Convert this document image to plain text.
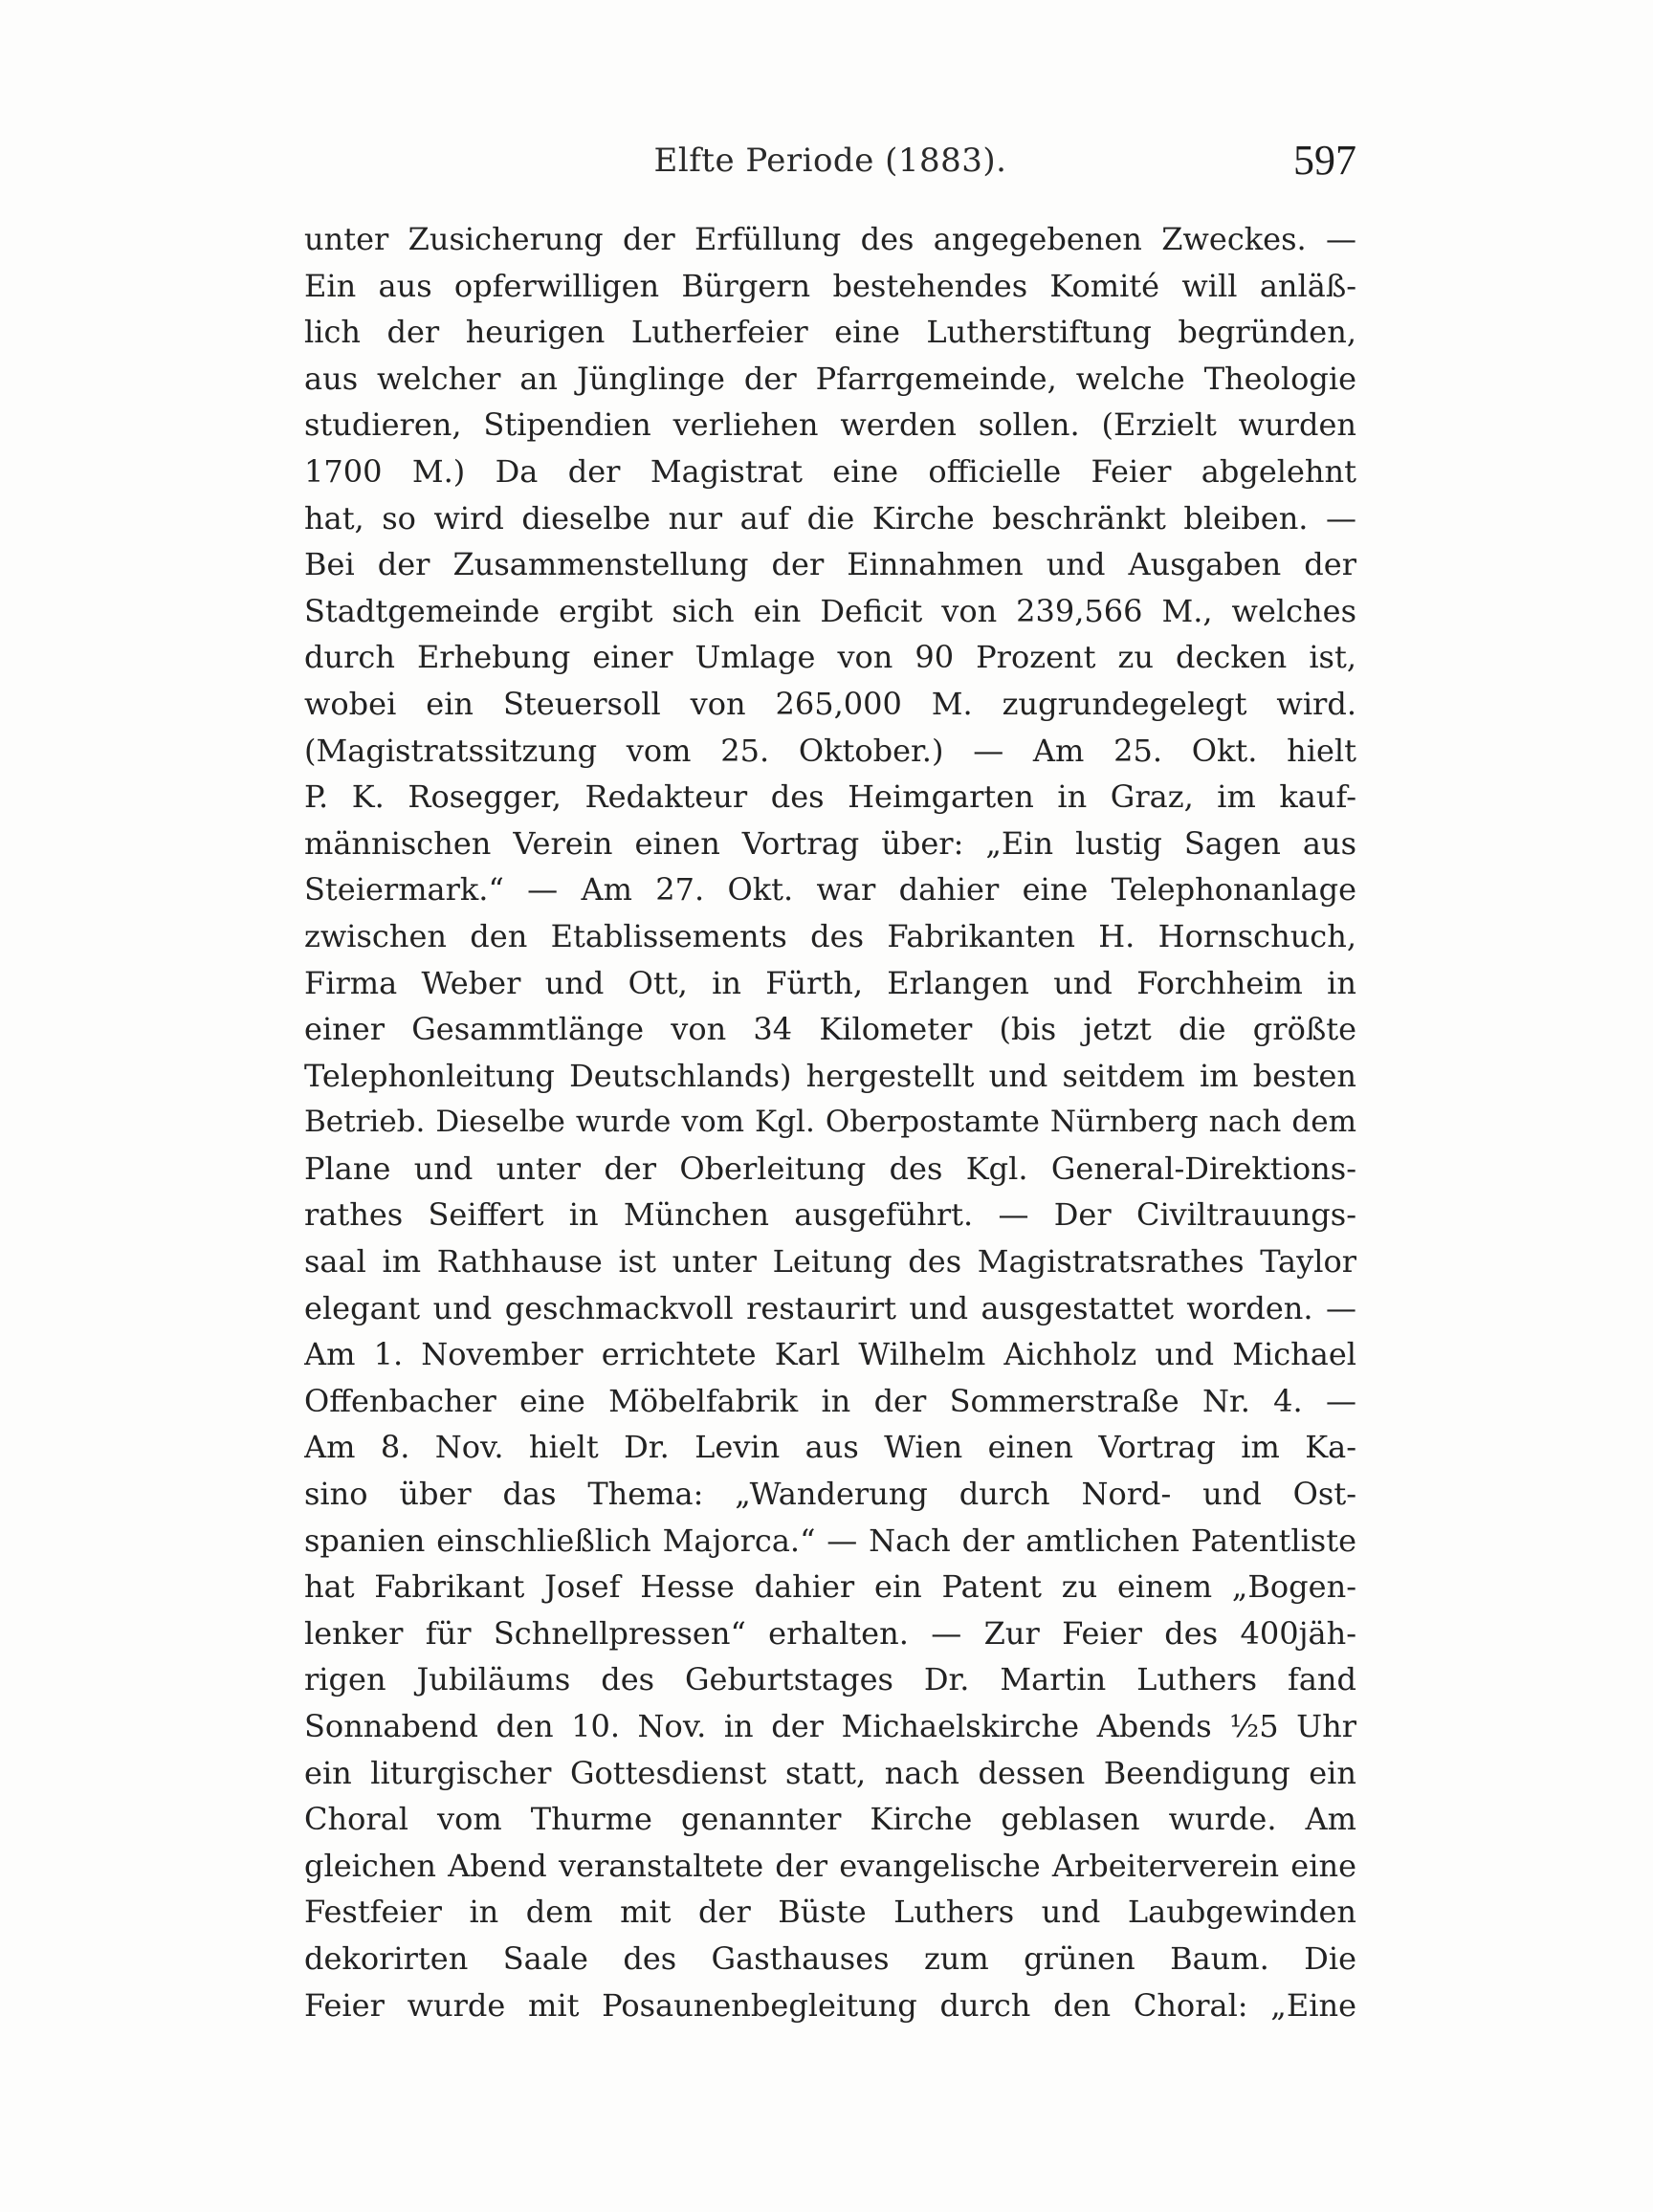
Elfte Periode (1883).	597
unter Zusicherung der Erfüllung des angegebenen Zweckes. —
Ein aus opferwilligen Bürgern bestehendes Komité will anläß-
lich der heurigen Lutherfeier eine Lutherstiftung begründen,
aus welcher an Jünglinge der Pfarrgemeinde, welche Theologie
studieren, Stipendien verliehen werden sollen. (Erzielt wurden
1700 M.) Da der Magistrat eine officielle Feier abgelehnt
hat, so wird dieselbe nur auf die Kirche beschränkt bleiben. —
Bei der Zusammenstellung der Einnahmen und Ausgaben der
Stadtgemeinde ergibt sich ein Deficit von 239,566 M., welches
durch Erhebung einer Umlage von 90 Prozent zu decken ist,
wobei ein Steuersoll von 265,000 M. zugrundegelegt wird.
(Magistratssitzung vom 25. Oktober.) — Am 25. Okt. hielt
P. K. Rosegger, Redakteur des Heimgarten in Graz, im kauf-
männischen Verein einen Vortrag über: „Ein lustig Sagen aus
Steiermark.“ — Am 27. Okt. war dahier eine Telephonanlage
zwischen den Etablissements des Fabrikanten H. Hornschuch,
Firma Weber und Ott, in Fürth, Erlangen und Forchheim in
einer Gesammtlänge von 34 Kilometer (bis jetzt die größte
Telephonleitung Deutschlands) hergestellt und seitdem im besten
Betrieb. Dieselbe wurde vom Kgl. Oberpostamte Nürnberg nach dem
Plane und unter der Oberleitung des Kgl. General-Direktions-
rathes Seiffert in München ausgeführt. — Der Civiltrauungs-
saal im Rathhause ist unter Leitung des Magistratsrathes Taylor
elegant und geschmackvoll restaurirt und ausgestattet worden. —
Am 1. November errichtete Karl Wilhelm Aichholz und Michael
Offenbacher eine Möbelfabrik in der Sommerstraße Nr. 4. —
Am 8. Nov. hielt Dr. Levin aus Wien einen Vortrag im Ka-
sino über das Thema: „Wanderung durch Nord- und Ost-
spanien einschließlich Majorca.“ — Nach der amtlichen Patentliste
hat Fabrikant Josef Hesse dahier ein Patent zu einem „Bogen-
lenker für Schnellpressen“ erhalten. — Zur Feier des 400jäh-
rigen Jubiläums des Geburtstages Dr. Martin Luthers fand
Sonnabend den 10. Nov. in der Michaelskirche Abends ½5 Uhr
ein liturgischer Gottesdienst statt, nach dessen Beendigung ein
Choral vom Thurme genannter Kirche geblasen wurde. Am
gleichen Abend veranstaltete der evangelische Arbeiterverein eine
Festfeier in dem mit der Büste Luthers und Laubgewinden
dekorirten Saale des Gasthauses zum grünen Baum. Die
Feier wurde mit Posaunenbegleitung durch den Choral: „Eine
